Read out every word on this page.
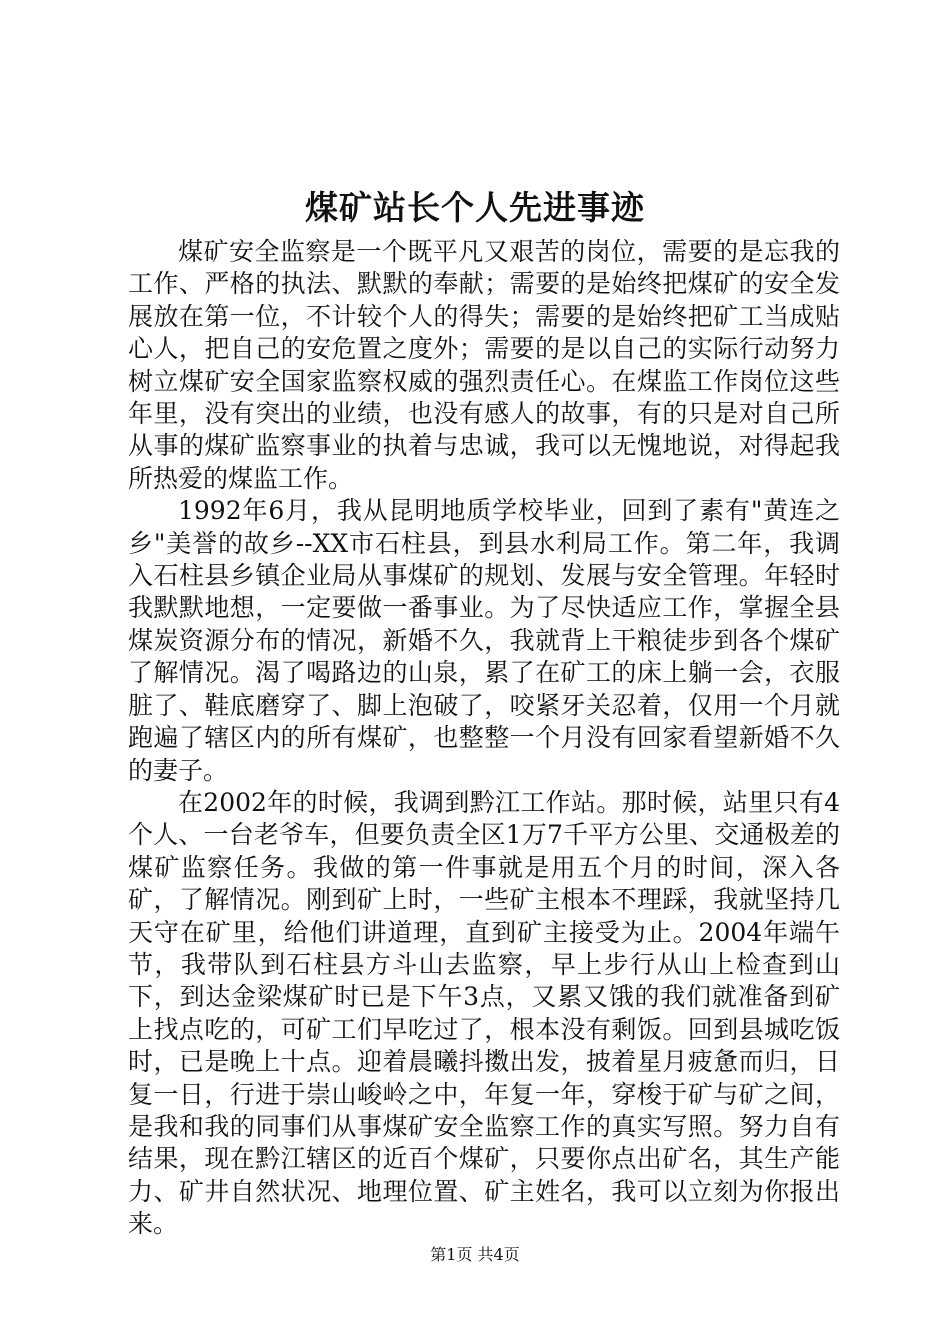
煤矿站长个人先进事迹

煤矿安全监察是一个既平凡又艰苦的岗位，需要的是忘我的工作、严格的执法、默默的奉献；需要的是始终把煤矿的安全发展放在第一位，不计较个人的得失；需要的是始终把矿工当成贴心人，把自己的安危置之度外；需要的是以自己的实际行动努力树立煤矿安全国家监察权威的强烈责任心。在煤监工作岗位这些年里，没有突出的业绩，也没有感人的故事，有的只是对自己所从事的煤矿监察事业的执着与忠诚，我可以无愧地说，对得起我所热爱的煤监工作。

1992年6月，我从昆明地质学校毕业，回到了素有"黄连之乡"美誉的故乡--XX市石柱县，到县水利局工作。第二年，我调入石柱县乡镇企业局从事煤矿的规划、发展与安全管理。年轻时我默默地想，一定要做一番事业。为了尽快适应工作，掌握全县煤炭资源分布的情况，新婚不久，我就背上干粮徒步到各个煤矿了解情况。渴了喝路边的山泉，累了在矿工的床上躺一会，衣服脏了、鞋底磨穿了、脚上泡破了，咬紧牙关忍着，仅用一个月就跑遍了辖区内的所有煤矿，也整整一个月没有回家看望新婚不久的妻子。

在2002年的时候，我调到黔江工作站。那时候，站里只有4个人、一台老爷车，但要负责全区1万7千平方公里、交通极差的煤矿监察任务。我做的第一件事就是用五个月的时间，深入各矿，了解情况。刚到矿上时，一些矿主根本不理踩，我就坚持几天守在矿里，给他们讲道理，直到矿主接受为止。2004年端午节，我带队到石柱县方斗山去监察，早上步行从山上检查到山下，到达金梁煤矿时已是下午3点，又累又饿的我们就准备到矿上找点吃的，可矿工们早吃过了，根本没有剩饭。回到县城吃饭时，已是晚上十点。迎着晨曦抖擞出发，披着星月疲惫而归，日复一日，行进于崇山峻岭之中，年复一年，穿梭于矿与矿之间，是我和我的同事们从事煤矿安全监察工作的真实写照。努力自有结果，现在黔江辖区的近百个煤矿，只要你点出矿名，其生产能力、矿井自然状况、地理位置、矿主姓名，我可以立刻为你报出来。

第1页 共4页
